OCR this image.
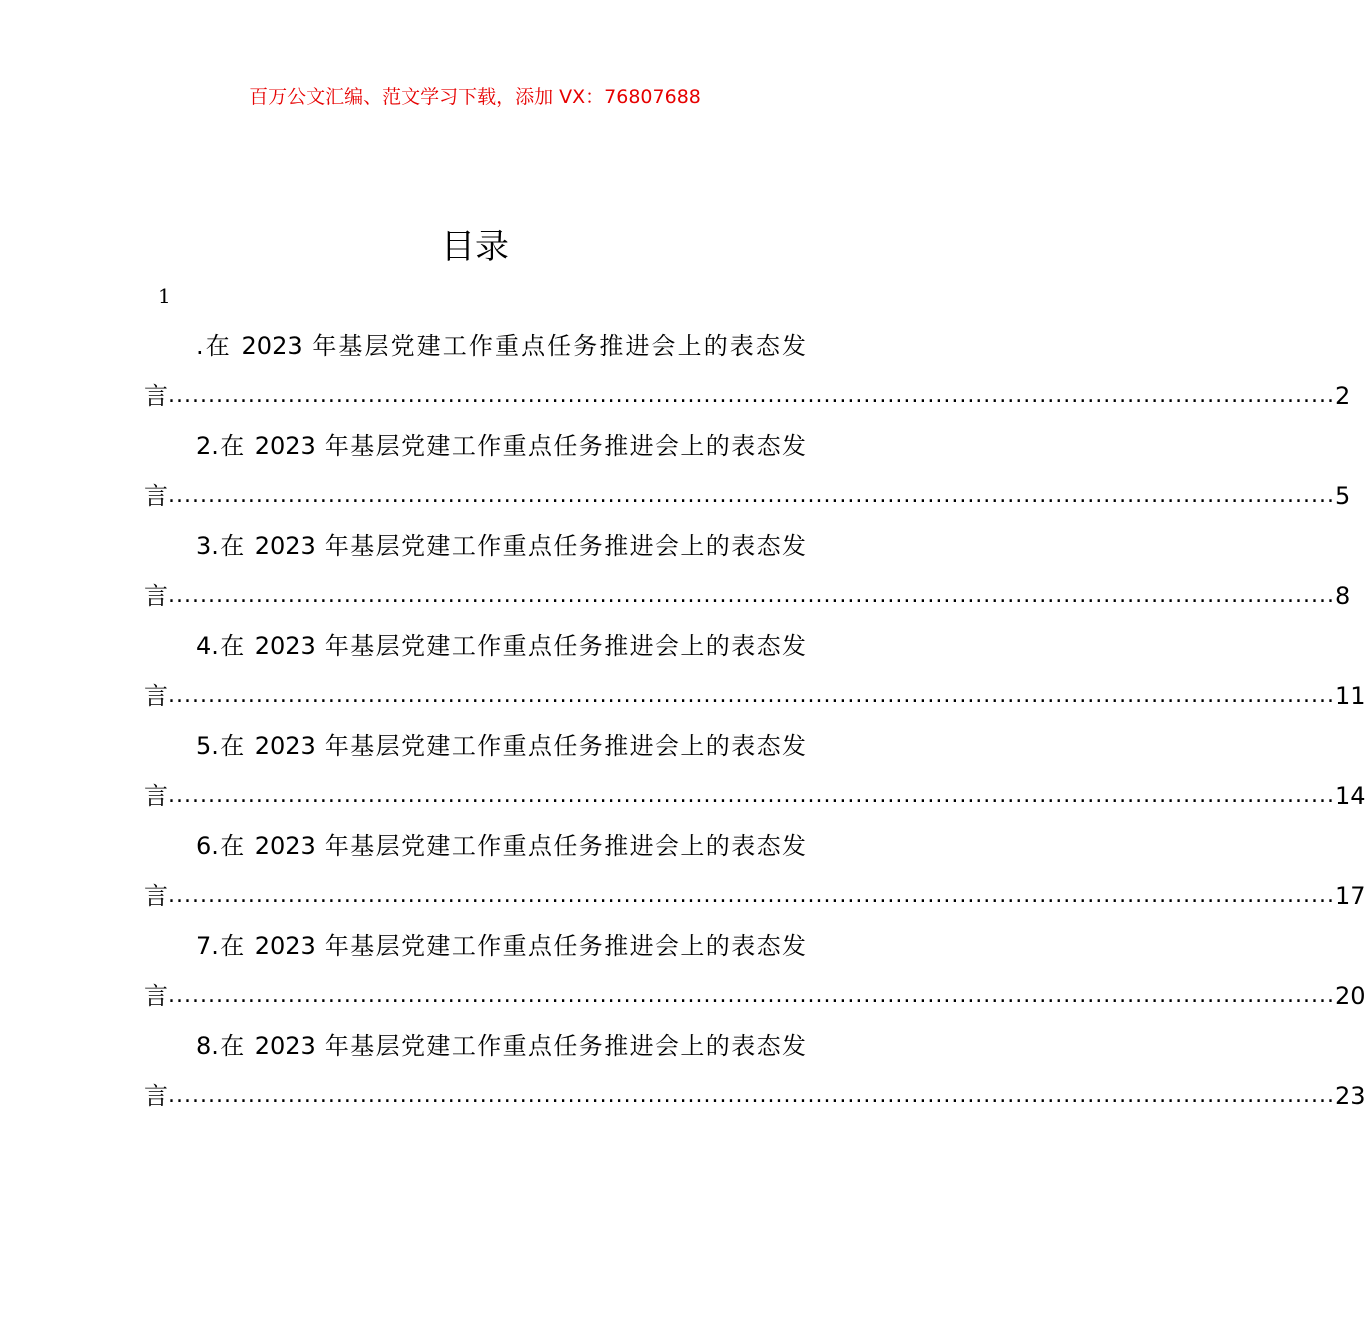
百万公文汇编、范文学习下载，添加 VX：76807688
目录
1
.在 2023 年基层党建工作重点任务推进会上的表态发
言 .................................................................................................................................................. 2
2.在 2023 年基层党建工作重点任务推进会上的表态发
言 .................................................................................................................................................. 5
3.在 2023 年基层党建工作重点任务推进会上的表态发
言 .................................................................................................................................................. 8
4.在 2023 年基层党建工作重点任务推进会上的表态发
言 .................................................................................................................................................. 11
5.在 2023 年基层党建工作重点任务推进会上的表态发
言 .................................................................................................................................................. 14
6.在 2023 年基层党建工作重点任务推进会上的表态发
言 .................................................................................................................................................. 17
7.在 2023 年基层党建工作重点任务推进会上的表态发
言 .................................................................................................................................................. 20
8.在 2023 年基层党建工作重点任务推进会上的表态发
言 .................................................................................................................................................. 23
